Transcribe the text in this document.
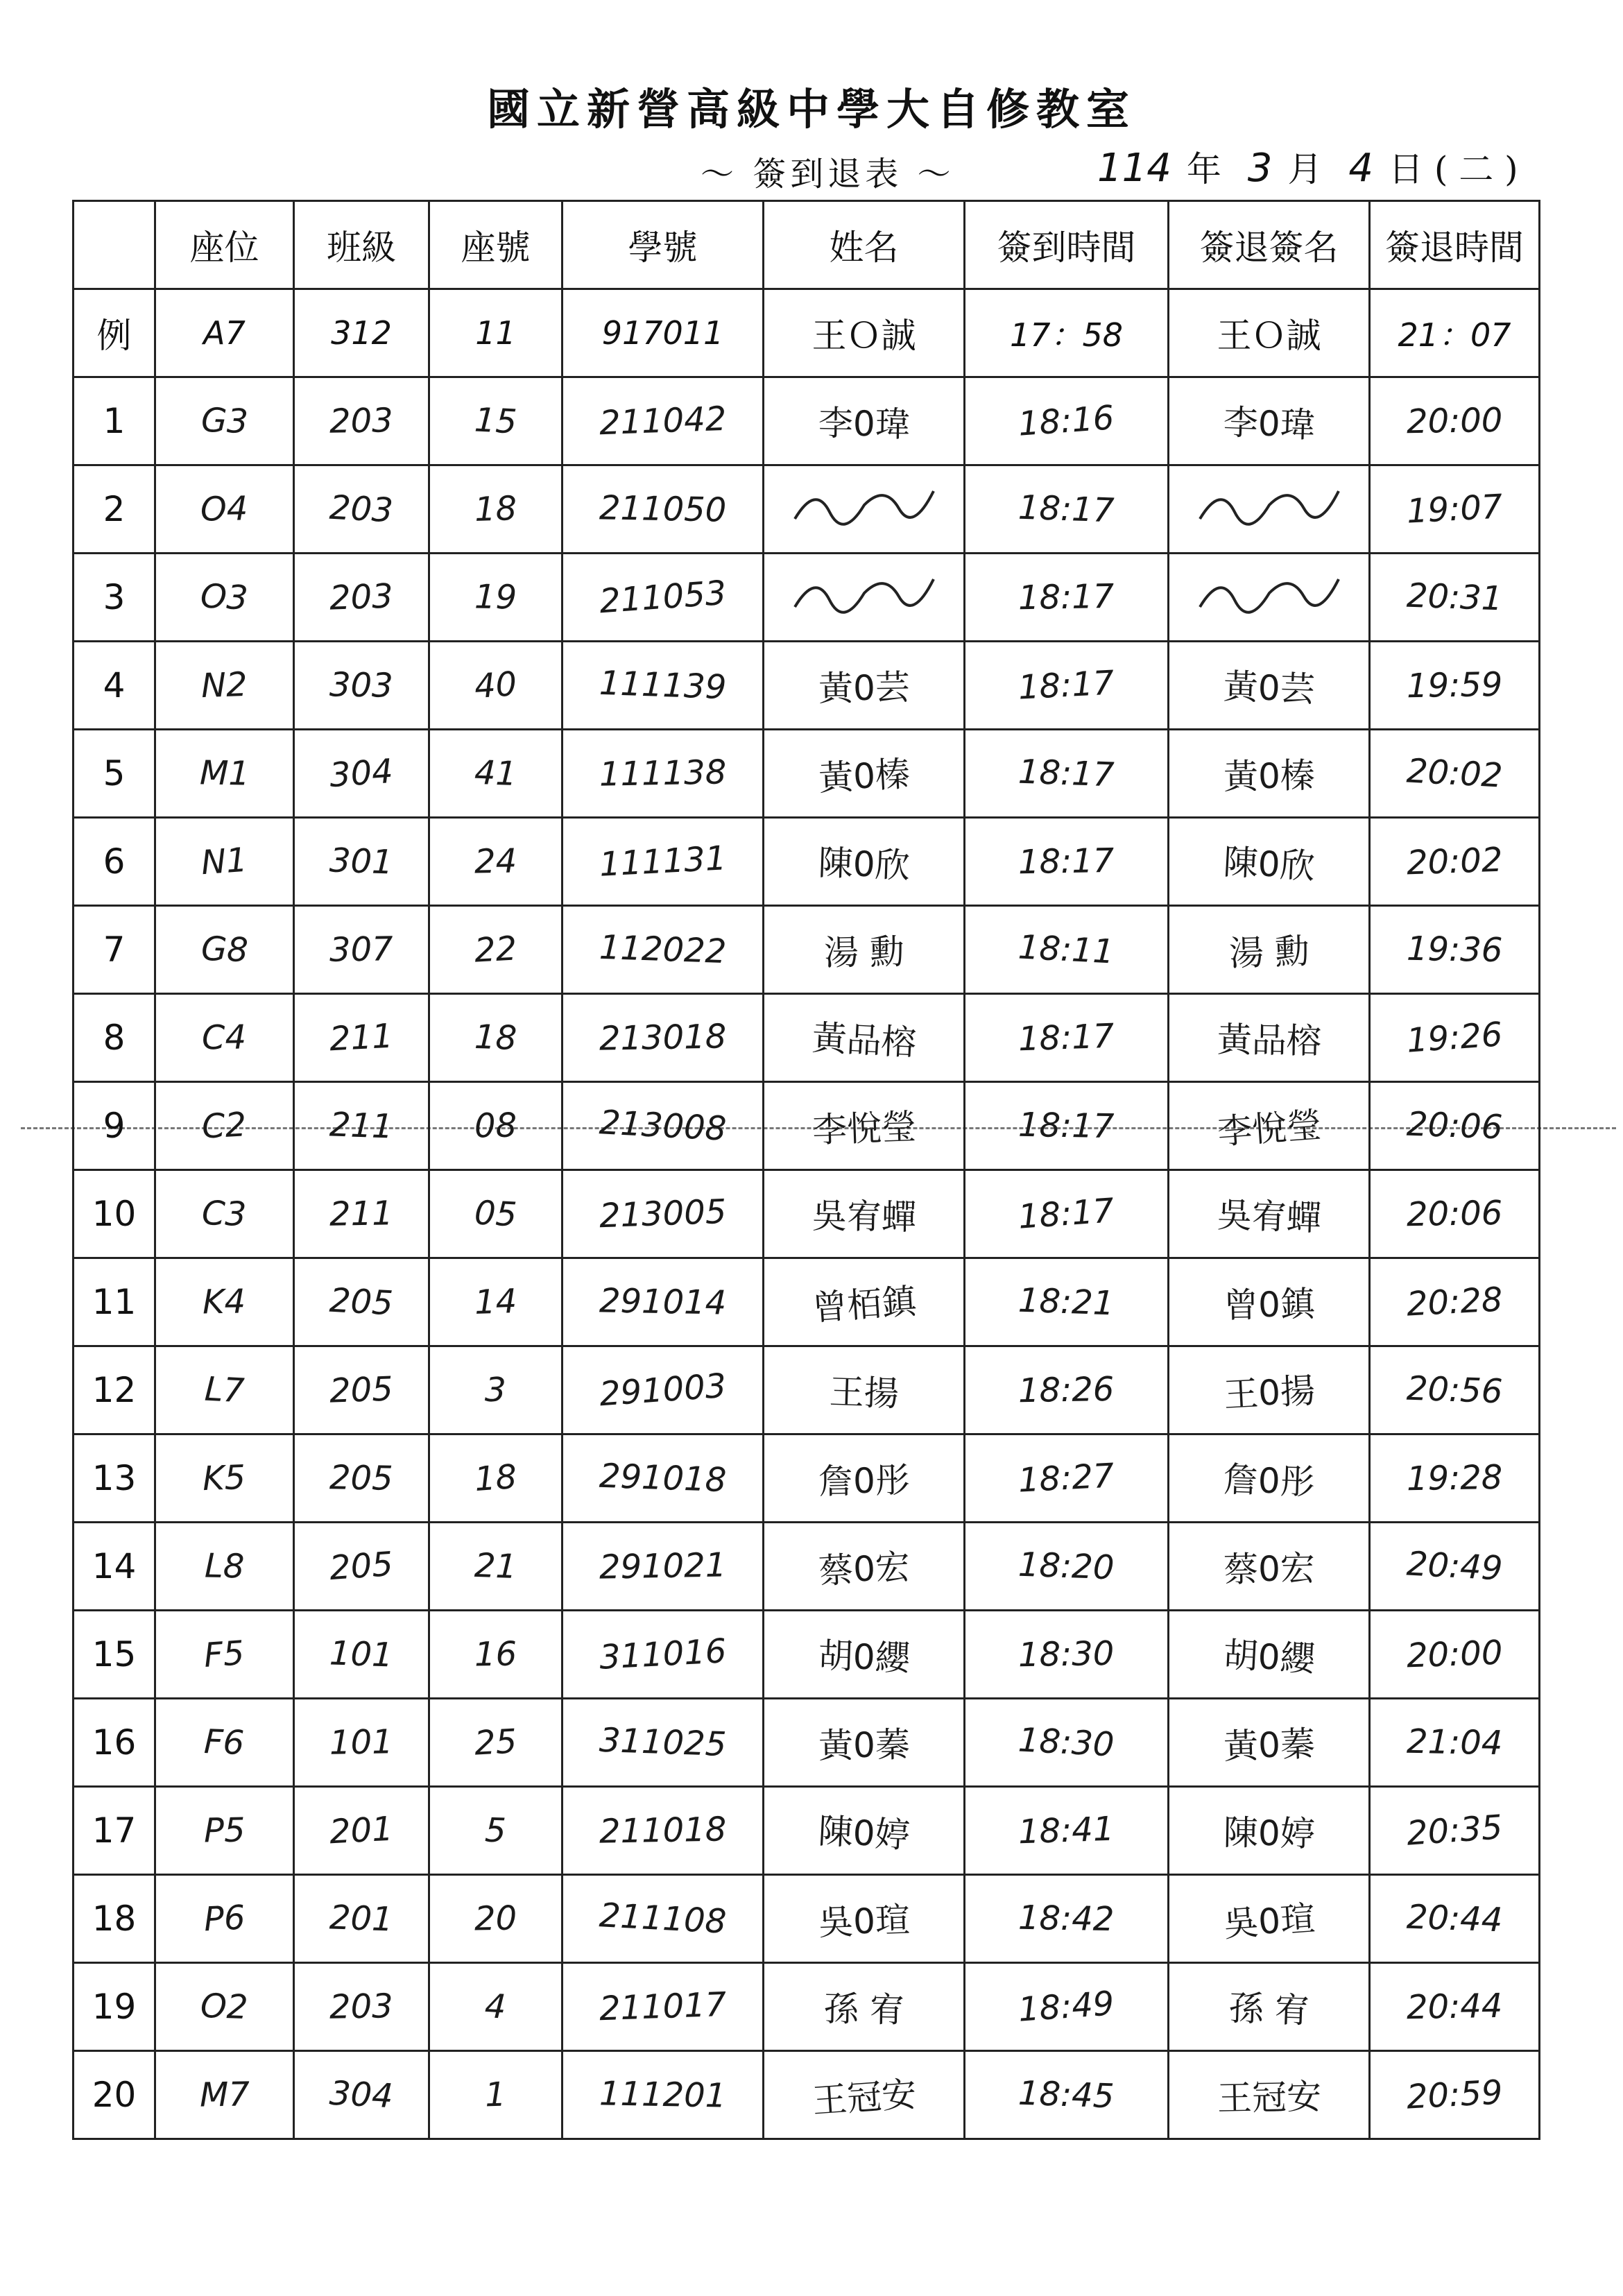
國立新營高級中學大自修教室
～ 簽到退表 ～	114 年 3 月 4 日 ( 二 )
	座位	班級	座號	學號	姓名	簽到時間	簽退簽名	簽退時間
例	A7	312	11	917011	王Ｏ誠	17：58	王Ｏ誠	21：07
1	G3	203	15	211042	李0瑋	18:16	李0瑋	20:00
2	O4	203	18	211050		18:17		19:07
3	O3	203	19	211053		18:17		20:31
4	N2	303	40	111139	黃0芸	18:17	黃0芸	19:59
5	M1	304	41	111138	黃0榛	18:17	黃0榛	20:02
6	N1	301	24	111131	陳0欣	18:17	陳0欣	20:02
7	G8	307	22	112022	湯 勳	18:11	湯 勳	19:36
8	C4	211	18	213018	黃品榕	18:17	黃品榕	19:26
9	C2	211	08	213008	李悅瑩	18:17	李悅瑩	20:06
10	C3	211	05	213005	吳宥蟬	18:17	吳宥蟬	20:06
11	K4	205	14	291014	曾栢鎮	18:21	曾0鎮	20:28
12	L7	205	3	291003	王揚	18:26	王0揚	20:56
13	K5	205	18	291018	詹0彤	18:27	詹0彤	19:28
14	L8	205	21	291021	蔡0宏	18:20	蔡0宏	20:49
15	F5	101	16	311016	胡0纓	18:30	胡0纓	20:00
16	F6	101	25	311025	黃0蓁	18:30	黃0蓁	21:04
17	P5	201	5	211018	陳0婷	18:41	陳0婷	20:35
18	P6	201	20	211108	吳0瑄	18:42	吳0瑄	20:44
19	O2	203	4	211017	孫 宥	18:49	孫 宥	20:44
20	M7	304	1	111201	王冠安	18:45	王冠安	20:59
